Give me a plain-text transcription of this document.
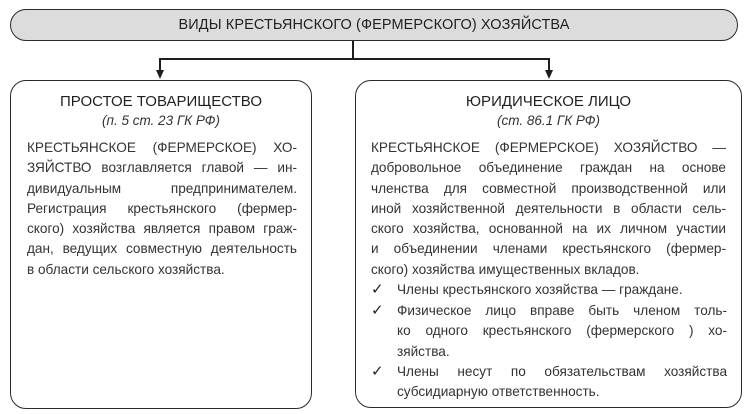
ВИДЫ КРЕСТЬЯНСКОГО (ФЕРМЕРСКОГО) ХОЗЯЙСТВА
ПРОСТОЕ ТОВАРИЩЕСТВО
(п. 5 ст. 23 ГК РФ)
КРЕСТЬЯНСКОЕ (ФЕРМЕРСКОЕ) ХО-
ЗЯЙСТВО возглавляется главой — ин-
дивидуальным предпринимателем.
Регистрация крестьянского (фермер-
ского) хозяйства является правом граж-
дан, ведущих совместную деятельность
в области сельского хозяйства.
ЮРИДИЧЕСКОЕ ЛИЦО
(ст. 86.1 ГК РФ)
КРЕСТЬЯНСКОЕ (ФЕРМЕРСКОЕ) ХОЗЯЙСТВО —
добровольное объединение граждан на основе
членства для совместной производственной или
иной хозяйственной деятельности в области сель-
ского хозяйства, основанной на их личном участии
и объединении членами крестьянского (фермер-
ского) хозяйства имущественных вкладов.
✓ Члены крестьянского хозяйства — граждане.
✓ Физическое лицо вправе быть членом толь-
ко одного крестьянского (фермерского ) хо-
зяйства.
✓ Члены несут по обязательствам хозяйства
субсидиарную ответственность.
